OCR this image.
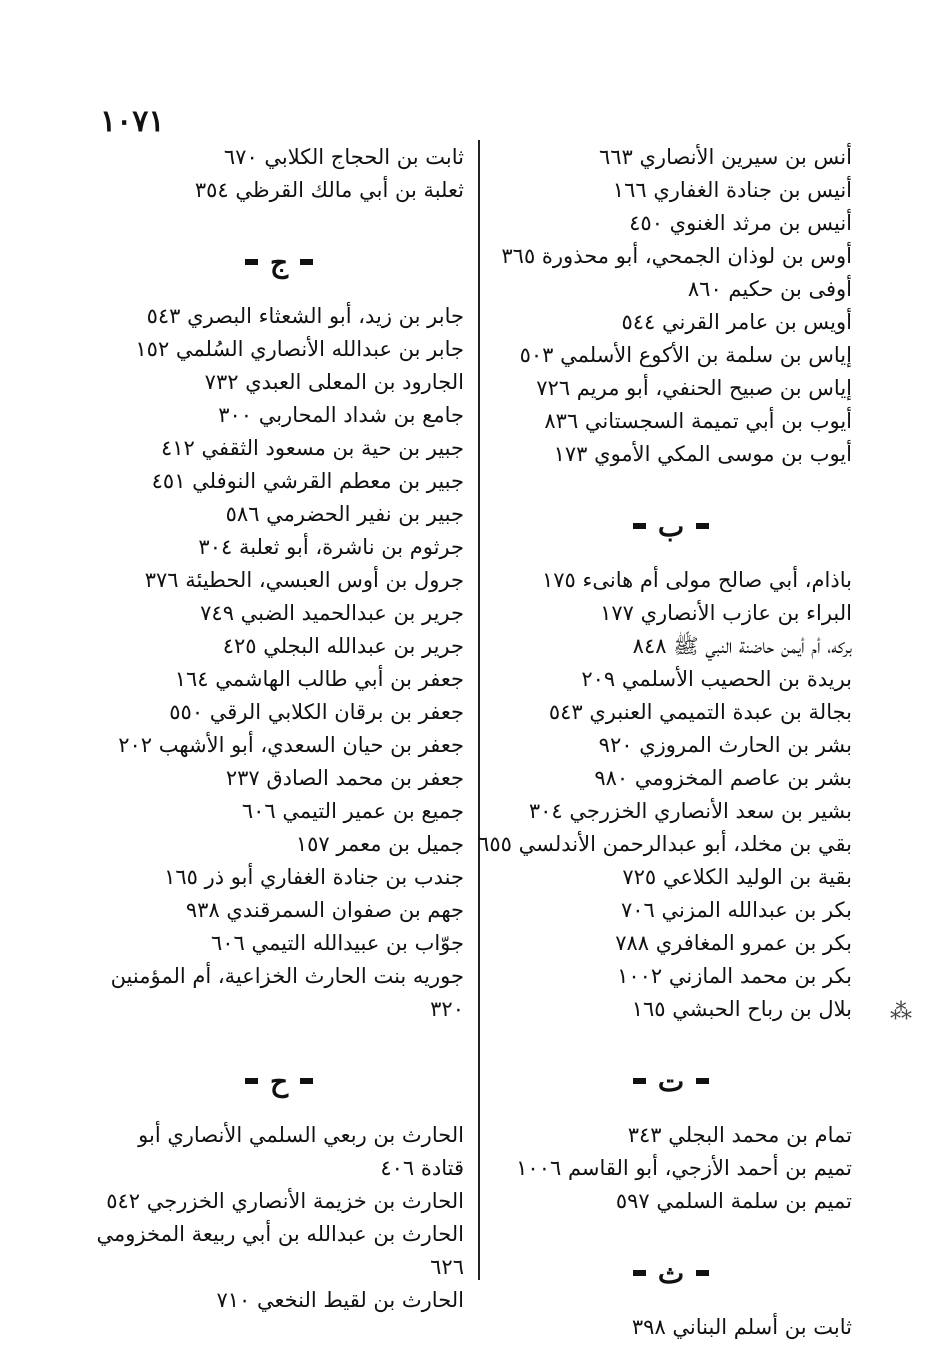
١٠٧١
أنس بن سيرين الأنصاري ٦٦٣
أنيس بن جنادة الغفاري ١٦٦
أنيس بن مرثد الغنوي ٤٥٠
أوس بن لوذان الجمحي، أبو محذورة ٣٦٥
أوفى بن حكيم ٨٦٠
أويس بن عامر القرني ٥٤٤
إياس بن سلمة بن الأكوع الأسلمي ٥٠٣
إياس بن صبيح الحنفي، أبو مريم ٧٢٦
أيوب بن أبي تميمة السجستاني ٨٣٦
أيوب بن موسى المكي الأموي ١٧٣
ب
باذام، أبي صالح مولى أم هانىء ١٧٥
البراء بن عازب الأنصاري ١٧٧
بركه، أم أيمن حاضنة النبي ﷺ ٨٤٨
بريدة بن الحصيب الأسلمي ٢٠٩
بجالة بن عبدة التميمي العنبري ٥٤٣
بشر بن الحارث المروزي ٩٢٠
بشر بن عاصم المخزومي ٩٨٠
بشير بن سعد الأنصاري الخزرجي ٣٠٤
بقي بن مخلد، أبو عبدالرحمن الأندلسي ٦٥٥
بقية بن الوليد الكلاعي ٧٢٥
بكر بن عبدالله المزني ٧٠٦
بكر بن عمرو المغافري ٧٨٨
بكر بن محمد المازني ١٠٠٢
بلال بن رباح الحبشي ١٦٥
ت
تمام بن محمد البجلي ٣٤٣
تميم بن أحمد الأزجي، أبو القاسم ١٠٠٦
تميم بن سلمة السلمي ٥٩٧
ث
ثابت بن أسلم البناني ٣٩٨
ثابت بن الحجاج الكلابي ٦٧٠
ثعلبة بن أبي مالك القرظي ٣٥٤
ج
جابر بن زيد، أبو الشعثاء البصري ٥٤٣
جابر بن عبدالله الأنصاري السُلمي ١٥٢
الجارود بن المعلى العبدي ٧٣٢
جامع بن شداد المحاربي ٣٠٠
جبير بن حية بن مسعود الثقفي ٤١٢
جبير بن معطم القرشي النوفلي ٤٥١
جبير بن نفير الحضرمي ٥٨٦
جرثوم بن ناشرة، أبو ثعلبة ٣٠٤
جرول بن أوس العبسي، الحطيئة ٣٧٦
جرير بن عبدالحميد الضبي ٧٤٩
جرير بن عبدالله البجلي ٤٢٥
جعفر بن أبي طالب الهاشمي ١٦٤
جعفر بن برقان الكلابي الرقي ٥٥٠
جعفر بن حيان السعدي، أبو الأشهب ٢٠٢
جعفر بن محمد الصادق ٢٣٧
جميع بن عمير التيمي ٦٠٦
جميل بن معمر ١٥٧
جندب بن جنادة الغفاري أبو ذر ١٦٥
جهم بن صفوان السمرقندي ٩٣٨
جوّاب بن عبيدالله التيمي ٦٠٦
جوريه بنت الحارث الخزاعية، أم المؤمنين ٣٢٠
ح
الحارث بن ربعي السلمي الأنصاري أبو قتادة ٤٠٦
الحارث بن خزيمة الأنصاري الخزرجي ٥٤٢
الحارث بن عبدالله بن أبي ربيعة المخزومي ٦٢٦
الحارث بن لقيط النخعي ٧١٠
⁂
